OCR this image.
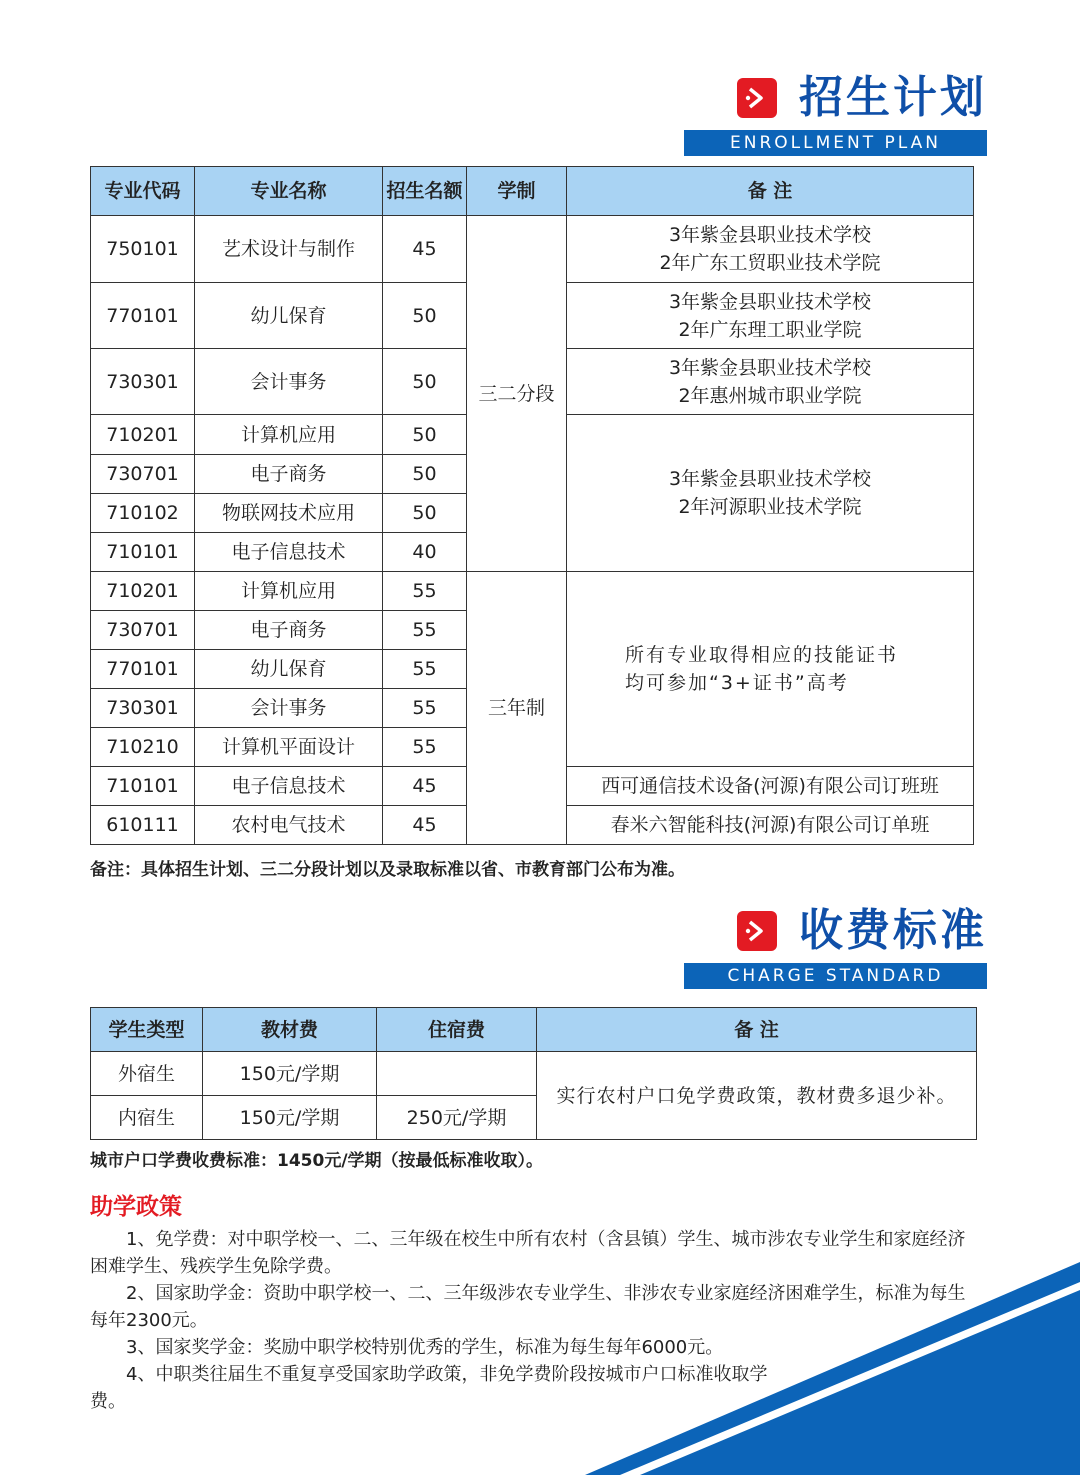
招生计划
ENROLLMENT PLAN
专业代码	专业名称	招生名额	学制	备 注
750101	艺术设计与制作	45	三二分段	3年紫金县职业技术学校
2年广东工贸职业技术学院

770101	幼儿保育	50		3年紫金县职业技术学校
2年广东理工职业学院

730301	会计事务	50		3年紫金县职业技术学校
2年惠州城市职业学院

710201	计算机应用	50		3年紫金县职业技术学校
2年河源职业技术学院

730701	电子商务	50		
710102	物联网技术应用	50		
710101	电子信息技术	40		
710201	计算机应用	55	三年制	所有专业取得相应的技能证书
均可参加“3+证书”高考

730701	电子商务	55		
770101	幼儿保育	55		
730301	会计事务	55		
710210	计算机平面设计	55		
710101	电子信息技术	45		西可通信技术设备(河源)有限公司订班班
610111	农村电气技术	45		春米六智能科技(河源)有限公司订单班
备注：具体招生计划、三二分段计划以及录取标准以省、市教育部门公布为准。
收费标准
CHARGE STANDARD
学生类型	教材费	住宿费	备 注
外宿生	150元/学期		实行农村户口免学费政策，教材费多退少补。
内宿生	150元/学期	250元/学期	
城市户口学费收费标准：1450元/学期（按最低标准收取）。
助学政策

1、免学费：对中职学校一、二、三年级在校生中所有农村（含县镇）学生、城市涉农专业学生和家庭经济困难学生、残疾学生免除学费。

2、国家助学金：资助中职学校一、二、三年级涉农专业学生、非涉农专业家庭经济困难学生，标准为每生每年2300元。

3、国家奖学金：奖励中职学校特别优秀的学生，标准为每生每年6000元。

4、中职类往届生不重复享受国家助学政策，非免学费阶段按城市户口标准收取学费。
